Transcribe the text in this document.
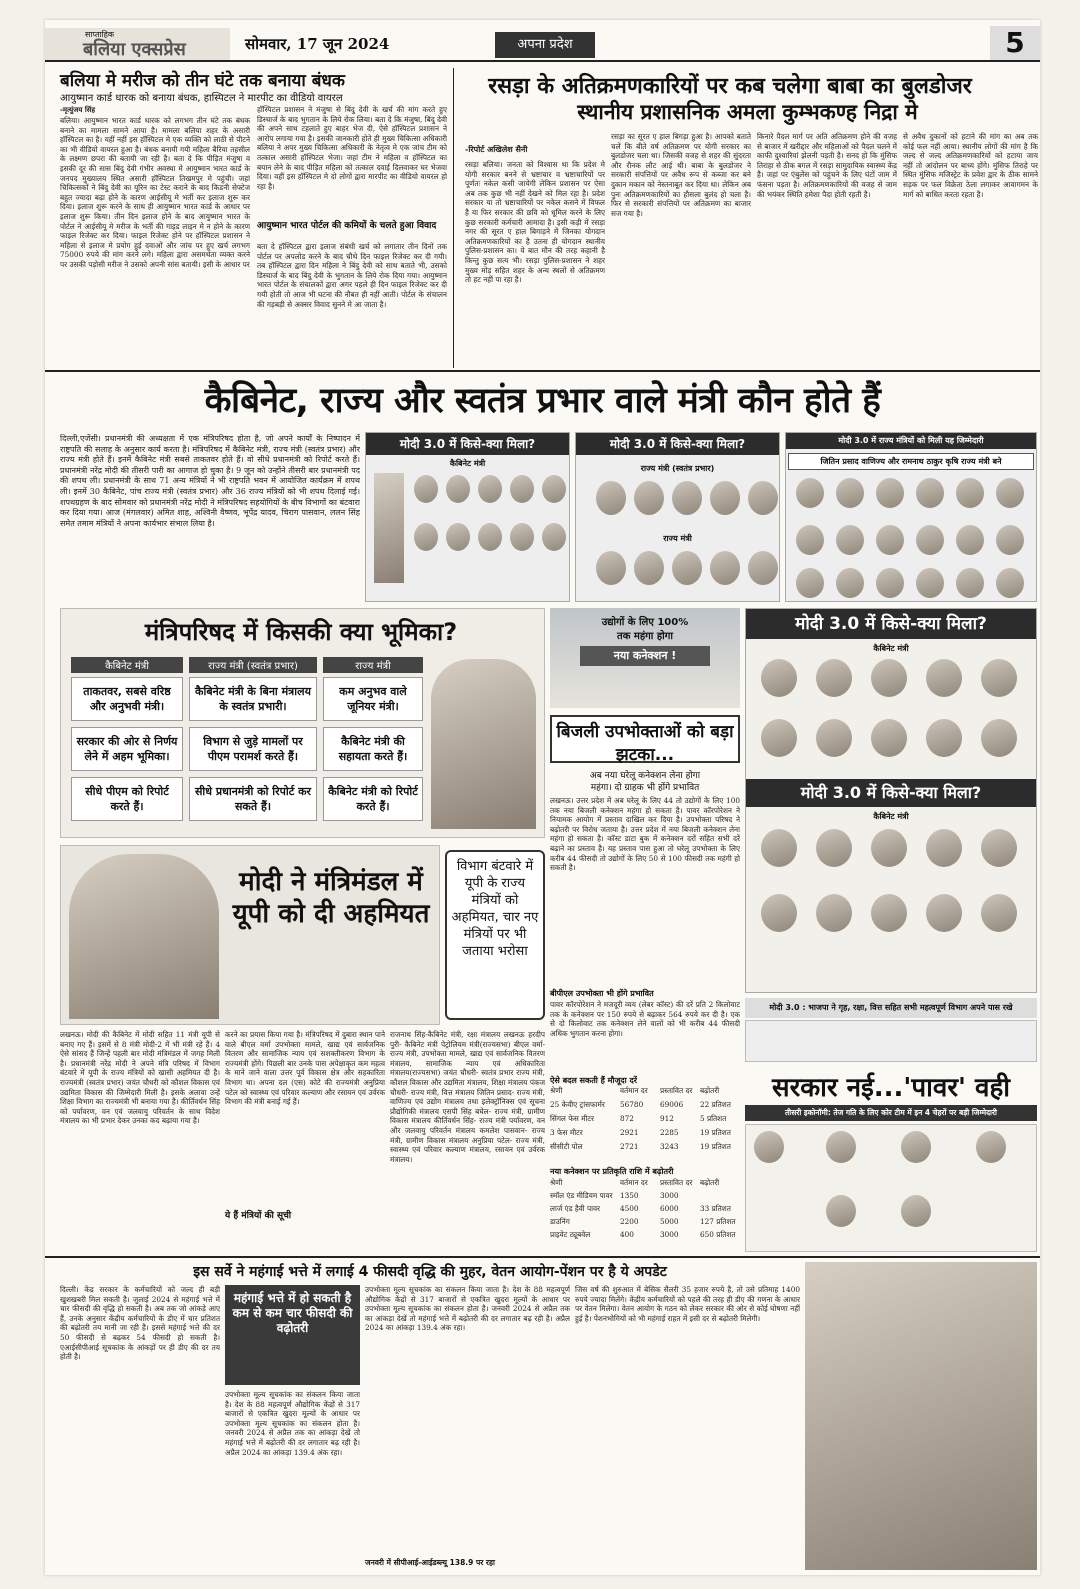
साप्ताहिक
बलिया एक्सप्रेस	सोमवार, 17 जून 2024	अपना प्रदेश	5
बलिया मे मरीज को तीन घंटे तक बनाया बंधक
आयुष्मान कार्ड धारक को बनाया बंधक, हास्पिटल ने मारपीट का वीडियो वायरल
-मृत्युंजय सिंह
बलिया। आयुष्मान भारत कार्ड धारक को लगभग तीन घंटे तक बंधक बनाने का मामला सामने आया है। मामला बलिया शहर के असारी हॉस्पिटल का है। यहीं नहीं इस हॉस्पिटल मे एक व्यक्ति को लाठी से पीटने का भी वीडियो वायरल हुआ है। बंधक बनायी गयी महिला बैरिया तहसील के लक्ष्मण छपरा की बतायी जा रही है। बता दे कि पीड़ित मंजुषा व इसकी दूर की सास बिंदु देवी गंभीर अवस्था मे आयुष्मान भारत कार्ड के जनपद मुख्यालय स्थित असारी हॉस्पिटल तिखमपुर मे पहुंची। जहां चिकित्सकों ने बिंदु देवी का यूरिन का टेस्ट कराने के बाद किडनी सेफ्टेज बहुत ज्यादा बढ़ा होने के कारण आईसीयू मे भर्ती कर इलाज शुरू कर दिया। इलाज शुरू करने के साथ ही आयुष्मान भारत कार्ड के आधार पर इलाज शुरू किया। तीन दिन इलाज होने के बाद आयुष्मान भारत के पोर्टल ने आईसीयू मे मरीज के भर्ती की गाइड लाइन मे न होने के कारण फाइल रिजेक्ट कर दिया। फाइल रिजेक्ट होने पर हॉस्पिटल प्रशासन ने महिला से इलाज मे प्रयोग हुई दवाओं और जांच पर हुए खर्च लगभग 75000 रुपये की मांग करने लगे। महिला द्वारा असमर्थता व्यक्त करने पर उसकी पड़ोसी मरीज ने उसको अपनी सांस बतायी। इसी के आधार पर
हॉस्पिटल प्रशासन ने मंजुषा से बिंदु देवी के खर्च की मांग करते हुए डिस्चार्ज के बाद भुगतान के लिये रोक लिया। बता दे कि मंजुषा, बिंदु देवी की अपने साथ टहलाते हुए बाहर भेज दी, ऐसे हॉस्पिटल प्रशासन ने आरोप लगाया गया है। इसकी जानकारी होते ही मुख्य चिकित्सा अधिकारी बलिया ने अपर मुख्य चिकित्सा अधिकारी के नेतृत्व मे एक जांच टीम को तत्काल असारी हॉस्पिटल भेजा। जहां टीम ने महिला व हॉस्पिटल का बयान लेने के बाद पीड़ित महिला को तत्काल दवाई दिलवाकर घर भेजवा दिया। वहीं इस हॉस्पिटल मे दो लोगों द्वारा मारपीट का वीडियो वायरल हो रहा है।
आयुष्मान भारत पोर्टल की कमियों के चलते हुआ विवाद
बता दे हॉस्पिटल द्वारा इलाज संबंधी खर्च को लगातार तीन दिनों तक पोर्टल पर अपलोड करने के बाद चौथे दिन फाइल रिजेक्ट कर दी गयी। तब हॉस्पिटल द्वारा दिन महिला ने बिंदु देवी को साथ बताते भी, उसको डिस्चार्ज के बाद बिंदु देवी के भुगतान के लिये रोक दिया गया। आयुष्मान भारत पोर्टल के संचालकों द्वारा अगर पहले ही दिन फाइल रिजेक्ट कर दी गयी होती तो आज भी घटना की नौबत ही नहीं आती। पोर्टल के संचालन की गड़बड़ी से अक्सर विवाद सुनने मे आ जाता है।
रसड़ा के अतिक्रमणकारियों पर कब चलेगा बाबा का बुलडोजर
स्थानीय प्रशासनिक अमला कुम्भकण्ह निद्रा मे
-रिपोर्ट अखिलेश सैनी
रसड़ा बलिया। जनता को विश्वास था कि प्रदेश मे योगी सरकार बनने से भ्रष्टाचार व भ्रष्टाचारियों पर पूर्णतः नकेल कसी जायेगी लेकिन प्रशासन पर ऐसा अब तक कुछ भी नहीं देखने को मिल रहा है। प्रदेश सरकार या तो भ्रष्टाचारियों पर नकेल कसने में विफल है या फिर सरकार की छवि को धूमिल करने के लिए कुछ सरकारी कर्मचारी आमादा है। इसी कड़ी में रसड़ा नगर की सूरत ए हाल बिगाड़ने में जिनका योगदान अतिक्रमणकारियों का है उतना ही योगदान स्थानीय पुलिस-प्रशासन का। ये बात मौन की तरह कहानी है किन्तु कुछ सत्य भी। रसड़ा पुलिस-प्रशासन ने शहर मुख्य मोड़ सहित शहर के अन्य स्थलों से अतिक्रमण तो हट नहीं पा रहा है।
रसड़ा का सूरत ए हाल बिगड़ा हुआ है। आपको बताते चलें कि बीते वर्ष अतिक्रमण पर योगी सरकार का बुलडोजर चला था। जिसकी वजह से शहर की सुंदरता और रौनक लौट आई थी। बाबा के बुलडोजर ने सरकारी संपत्तियों पर अवैध रूप से कब्जा कर बने दुकान मकान को नेस्तनाबूत कर दिया था। लेकिन अब पुनः अतिक्रमणकारियों का हौसला बुलंद हो चला है। फिर से सरकारी संपत्तियों पर अतिक्रमण का बाजार सज गया है।
किनारे पैदल मार्ग पर अति अतिक्रमण होने की वजह से बाजार में खरीद्दार और महिलाओं को पैदल चलने में काफी दुश्वारियां झेलनी पड़ती है। सनद हो कि मुंसिफ तिराहा से ठीक बगल में रसड़ा सामुदायिक स्वास्थ्य केंद्र है। जहां पर एंबुलेंस को पहुंचने के लिए घंटों जाम में फंसना पड़ता है। अतिक्रमणकारियों की वजह से जाम की भयंकर स्थिति हमेशा पैदा होती रहती है।
से अवैध दुकानों को हटाने की मांग का अब तक कोई फल नहीं आया। स्थानीय लोगों की मांग है कि जल्द से जल्द अतिक्रमणकारियों को हटाया जाय नहीं तो आंदोलन पर बाध्य होंगे। मुंसिफ तिराहे पर स्थित मुंसिफ मजिस्ट्रेट के प्रवेश द्वार के ठीक सामने सड़क पर फल विक्रेता ठेला लगाकर आवागमन के मार्ग को बाधित करता रहता है।
कैबिनेट, राज्य और स्वतंत्र प्रभार वाले मंत्री कौन होते हैं
दिल्ली,एजेंसी। प्रधानमंत्री की अध्यक्षता में एक मंत्रिपरिषद होता है, जो अपने कार्यों के निष्पादन में राष्ट्रपति की सलाह के अनुसार कार्य करता है। मंत्रिपरिषद में कैबिनेट मंत्री, राज्य मंत्री (स्वतंत्र प्रभार) और राज्य मंत्री होते हैं। इनमें कैबिनेट मंत्री सबसे ताकतवर होते हैं। वो सीधे प्रधानमंत्री को रिपोर्ट करते हैं। प्रधानमंत्री नरेंद्र मोदी की तीसरी पारी का आगाज हो चुका है। 9 जून को उन्होंने तीसरी बार प्रधानमंत्री पद की शपथ ली। प्रधानमंत्री के साथ 71 अन्य मंत्रियों ने भी राष्ट्रपति भवन में आयोजित कार्यक्रम में शपथ ली। इनमें 30 कैबिनेट, पांच राज्य मंत्री (स्वतंत्र प्रभार) और 36 राज्य मंत्रियों को भी शपथ दिलाई गई। शपथग्रहण के बाद सोमवार को प्रधानमंत्री नरेंद्र मोदी ने मंत्रिपरिषद सहयोगियों के बीच विभागों का बंटवारा कर दिया गया। आज (मंगलवार) अमित शाह, अश्विनी वैष्णव, भूपेंद्र यादव, चिराग पासवान, ललन सिंह समेत तमाम मंत्रियों ने अपना कार्यभार संभाल लिया है।
मोदी 3.0 में किसे-क्या मिला?
कैबिनेट मंत्री
मोदी 3.0 में किसे-क्या मिला?
राज्य मंत्री (स्वतंत्र प्रभार)
राज्य मंत्री
मोदी 3.0 में राज्य मंत्रियों को मिली यह जिम्मेदारी
जितिन प्रसाद वाणिज्य और रामनाथ ठाकुर कृषि राज्य मंत्री बने
मंत्रिपरिषद में किसकी क्या भूमिका?
कैबिनेट मंत्री	राज्य मंत्री (स्वतंत्र प्रभार)	राज्य मंत्री
ताकतवर, सबसे वरिष्ठ और अनुभवी मंत्री।
कैबिनेट मंत्री के बिना मंत्रालय के स्वतंत्र प्रभारी।
कम अनुभव वाले जूनियर मंत्री।
सरकार की ओर से निर्णय लेने में अहम भूमिका।
विभाग से जुड़े मामलों पर पीएम परामर्श करते हैं।
कैबिनेट मंत्री की सहायता करते हैं।
सीधे पीएम को रिपोर्ट करते हैं।
सीधे प्रधानमंत्री को रिपोर्ट कर सकते हैं।
कैबिनेट मंत्री को रिपोर्ट करते हैं।
उद्योगों के लिए 100%
तक महंगा होगा
नया कनेक्शन !
बिजली उपभोक्ताओं को बड़ा झटका...
अब नया घरेलू कनेक्शन लेना होगा
महंगा। दो ग्राहक भी होंगे प्रभावित
लखनऊ। उत्तर प्रदेश में अब घरेलू के लिए 44 तो उद्योगों के लिए 100 तक नया बिजली कनेक्शन महंगा हो सकता है। पावर कॉरपोरेशन ने नियामक आयोग में प्रस्ताव दाखिल कर दिया है। उपभोक्ता परिषद ने बढ़ोतरी पर विरोध जताया है। उत्तर प्रदेश में नया बिजली कनेक्शन लेना महंगा हो सकता है। कॉस्ट डाटा बुक में कनेक्शन दरों सहित सभी दरें बढ़ाने का प्रस्ताव है। यह प्रस्ताव पास हुआ तो घरेलू उपभोक्ता के लिए करीब 44 फीसदी तो उद्योगों के लिए 50 से 100 फीसदी तक महंगी हो सकती है।
बीपीएल उपभोक्ता भी होंगे प्रभावित
पावर कॉरपोरेशन ने मजदूरी व्यय (लेबर कॉस्ट) की दरें प्रति 2 किलोवाट तक के कनेक्शन पर 150 रुपये से बढ़ाकर 564 रुपये कर दी है। एक से दो किलोवाट तक कनेक्शन लेने वालों को भी करीब 44 फीसदी अधिक भुगतान करना होगा।
ऐसे बदल सकती हैं मौजूदा दरें
श्रेणी	वर्तमान दर	प्रस्तावित दर	बढ़ोतरी
25 केवीए ट्रांसफार्मर	56780	69006	22 प्रतिशत
सिंगल फेस मीटर	872	912	5 प्रतिशत
3 फेस मीटर	2921	2285	19 प्रतिशत
सीसीटी पोल	2721	3243	19 प्रतिशत
नया कनेक्शन पर प्रतिकृति राशि में बढ़ोतरी
श्रेणी	वर्तमान दर	प्रस्तावित दर	बढ़ोतरी
स्मॉल एंड मीडियम पावर	1350	3000
लार्ज एंड हैवी पावर	4500	6000	33 प्रतिशत
डाउनिंग	2200	5000	127 प्रतिशत
प्राइवेट ट्यूबवेल	400	3000	650 प्रतिशत
मोदी ने मंत्रिमंडल में यूपी को दी अहमियत
विभाग बंटवारे में यूपी के राज्य मंत्रियों को अहमियत, चार नए मंत्रियों पर भी जताया भरोसा
लखनऊ। मोदी की कैबिनेट में मोदी सहित 11 मंत्री यूपी से बनाए गए हैं। इसमें से 8 मंत्री मोदी-2 में भी मंत्री रहे हैं। 4 ऐसे सांसद हैं जिन्हें पहली बार मोदी मंत्रिमंडल में जगह मिली है। प्रधानमंत्री नरेंद्र मोदी ने अपने मंत्रि परिषद में विभाग बंटवारे में यूपी के राज्य मंत्रियों को खासी अहमियत दी है। राज्यमंत्री (स्वतंत्र प्रभार) जयंत चौधरी को कौशल विकास एवं उद्यमिता विकास की जिम्मेदारी मिली है। इसके अलावा उन्हें शिक्षा विभाग का राज्यमंत्री भी बनाया गया है। कीर्तिवर्धन सिंह को पर्यावरण, वन एवं जलवायु परिवर्तन के साथ विदेश मंत्रालय का भी प्रभार देकर उनका कद बढ़ाया गया है।
करने का प्रयास किया गया है। मंत्रिपरिषद में दुबारा स्थान पाने वाले बीएल वर्मा उपभोक्ता मामले, खाद्य एवं सार्वजनिक वितरण और सामाजिक न्याय एवं सशक्तीकरण विभाग के राज्यमंत्री होंगे। पिछली बार उनके पास अपेक्षाकृत कम महत्व के माने जाने वाला उत्तर पूर्व विकास क्षेत्र और सहकारिता विभाग था। अपना दल (एस) कोटे की राज्यमंत्री अनुप्रिया पटेल को स्वास्थ्य एवं परिवार कल्याण और रसायन एवं उर्वरक विभाग की मंत्री बनाई गई हैं।
ये हैं मंत्रियों की सूची
राजनाथ सिंह-कैबिनेट मंत्री, रक्षा मंत्रालय लखनऊ हरदीप पुरी- कैबिनेट मंत्री पेट्रोलियम मंत्री(राज्यसभा) बीएल वर्मा- राज्य मंत्री, उपभोक्ता मामले, खाद्य एवं सार्वजनिक वितरण मंत्रालय, सामाजिक न्याय एवं अधिकारिता मंत्रालय(राज्यसभा) जयंत चौधरी- स्वतंत्र प्रभार राज्य मंत्री, कौशल विकास और उद्यमिता मंत्रालय, शिक्षा मंत्रालय पंकज चौधरी- राज्य मंत्री, वित्त मंत्रालय जितिन प्रसाद- राज्य मंत्री, वाणिज्य एवं उद्योग मंत्रालय तथा इलेक्ट्रॉनिक्स एवं सूचना प्रौद्योगिकी मंत्रालय एसपी सिंह बघेल- राज्य मंत्री, ग्रामीण विकास मंत्रालय कीर्तिवर्धन सिंह- राज्य मंत्री पर्यावरण, वन और जलवायु परिवर्तन मंत्रालय कमलेश पासवान- राज्य मंत्री, ग्रामीण विकास मंत्रालय अनुप्रिया पटेल- राज्य मंत्री, स्वास्थ्य एवं परिवार कल्याण मंत्रालय, रसायन एवं उर्वरक मंत्रालय।
मोदी 3.0 में किसे-क्या मिला?
कैबिनेट मंत्री
मोदी 3.0 में किसे-क्या मिला?
कैबिनेट मंत्री
मोदी 3.0 : भाजपा ने गृह, रक्षा, वित्त सहित सभी महत्वपूर्ण विभाग अपने पास रखे
सरकार नई...'पावर' वही
तीसरी इकोनॉमी: तेज गति के लिए कोर टीम में इन 4 चेहरों पर बड़ी जिम्मेदारी
इस सर्वे ने महंगाई भत्ते में लगाई 4 फीसदी वृद्धि की मुहर, वेतन आयोग-पेंशन पर है ये अपडेट
दिल्ली। केंद्र सरकार के कर्मचारियों को जल्द ही बड़ी खुशखबरी मिल सकती है। जुलाई 2024 से महंगाई भत्ते में चार फीसदी की वृद्धि हो सकती है। अब तक जो आंकड़े आए हैं, उनके अनुसार केंद्रीय कर्मचारियों के डीए में चार प्रतिशत की बढ़ोतरी तय मानी जा रही है। इससे महंगाई भत्ते की दर 50 फीसदी से बढ़कर 54 फीसदी हो सकती है। एआईसीपीआई सूचकांक के आंकड़ों पर ही डीए की दर तय होती है।
महंगाई भत्ते में हो सकती है कम से कम चार फीसदी की वढ़ोतरी
उपभोक्ता मूल्य सूचकांक का संकलन किया जाता है। देश के 88 महत्वपूर्ण औद्योगिक केंद्रों से 317 बाजारों से एकत्रित खुदरा मूल्यों के आधार पर उपभोक्ता मूल्य सूचकांक का संकलन होता है। जनवरी 2024 से अप्रैल तक का आंकड़ा देखें तो महंगाई भत्ते में बढ़ोतरी की दर लगातार बढ़ रही है। अप्रैल 2024 का आंकड़ा 139.4 अंक रहा।
उपभोक्ता मूल्य सूचकांक का संकलन किया जाता है। देश के 88 महत्वपूर्ण औद्योगिक केंद्रों से 317 बाजारों से एकत्रित खुदरा मूल्यों के आधार पर उपभोक्ता मूल्य सूचकांक का संकलन होता है। जनवरी 2024 से अप्रैल तक का आंकड़ा देखें तो महंगाई भत्ते में बढ़ोतरी की दर लगातार बढ़ रही है। अप्रैल 2024 का आंकड़ा 139.4 अंक रहा।
जनवरी में सीपीआई-आईडब्ल्यू 138.9 पर रहा
जिस वर्ष की शुरुआत में बेसिक सैलरी 35 हजार रुपये है, तो उसे प्रतिमाह 1400 रुपये ज्यादा मिलेंगे। केंद्रीय कर्मचारियों को पहले की तरह ही डीए की गणना के आधार पर वेतन मिलेगा। वेतन आयोग के गठन को लेकर सरकार की ओर से कोई घोषणा नहीं हुई है। पेंशनभोगियों को भी महंगाई राहत में इसी दर से बढ़ोतरी मिलेगी।
